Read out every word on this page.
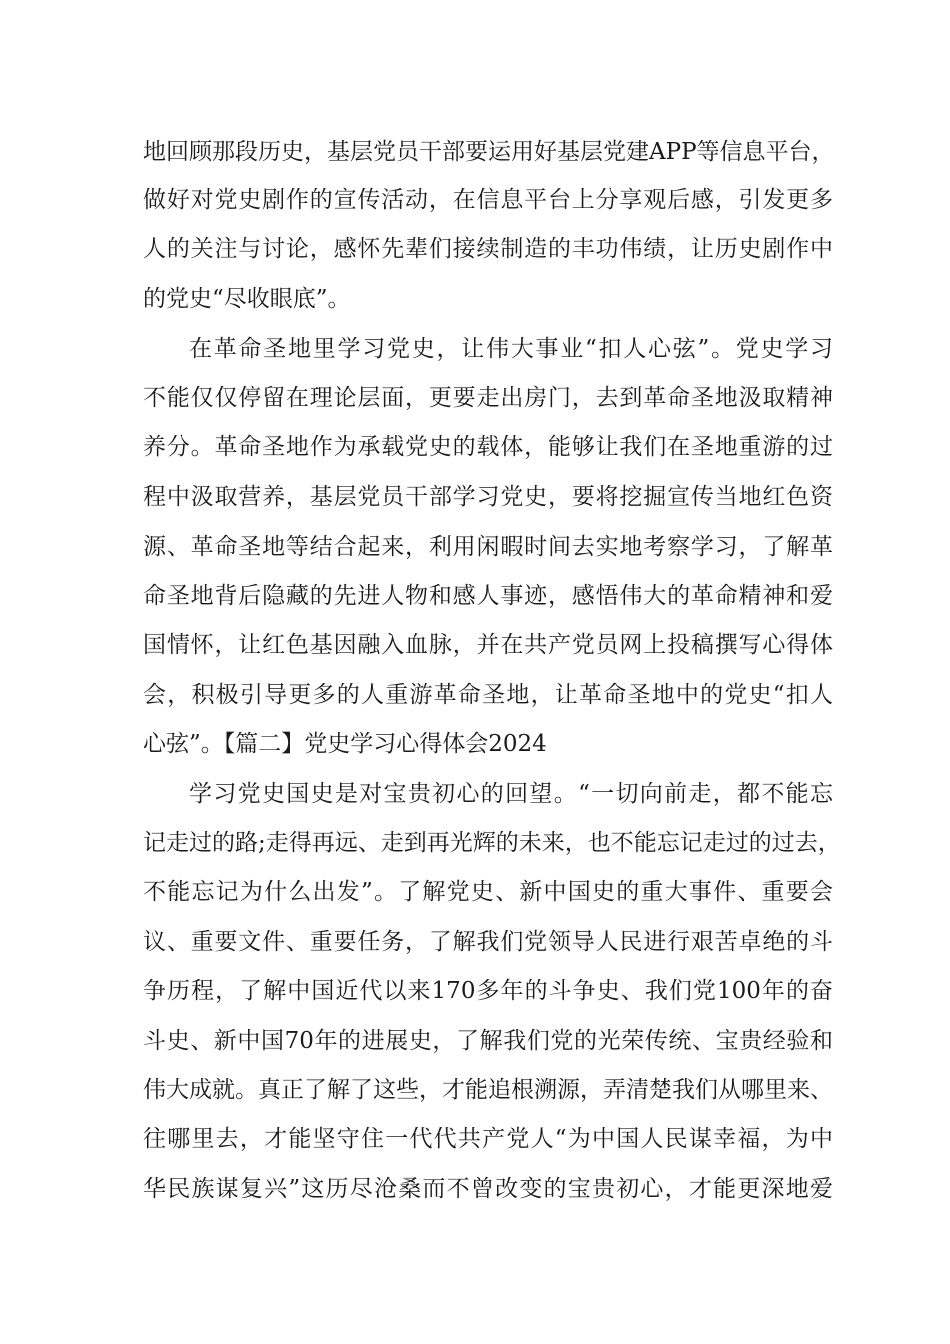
地回顾那段历史，基层党员干部要运用好基层党建APP等信息平台，
做好对党史剧作的宣传活动，在信息平台上分享观后感，引发更多
人的关注与讨论，感怀先辈们接续制造的丰功伟绩，让历史剧作中
的党史“尽收眼底”。
在革命圣地里学习党史，让伟大事业“扣人心弦”。党史学习
不能仅仅停留在理论层面，更要走出房门，去到革命圣地汲取精神
养分。革命圣地作为承载党史的载体，能够让我们在圣地重游的过
程中汲取营养，基层党员干部学习党史，要将挖掘宣传当地红色资
源、革命圣地等结合起来，利用闲暇时间去实地考察学习，了解革
命圣地背后隐藏的先进人物和感人事迹，感悟伟大的革命精神和爱
国情怀，让红色基因融入血脉，并在共产党员网上投稿撰写心得体
会，积极引导更多的人重游革命圣地，让革命圣地中的党史“扣人
心弦”。【篇二】党史学习心得体会2024
学习党史国史是对宝贵初心的回望。“一切向前走，都不能忘
记走过的路;走得再远、走到再光辉的未来，也不能忘记走过的过去，
不能忘记为什么出发”。了解党史、新中国史的重大事件、重要会
议、重要文件、重要任务，了解我们党领导人民进行艰苦卓绝的斗
争历程，了解中国近代以来170多年的斗争史、我们党100年的奋
斗史、新中国70年的进展史，了解我们党的光荣传统、宝贵经验和
伟大成就。真正了解了这些，才能追根溯源，弄清楚我们从哪里来、
往哪里去，才能坚守住一代代共产党人“为中国人民谋幸福，为中
华民族谋复兴”这历尽沧桑而不曾改变的宝贵初心，才能更深地爱
